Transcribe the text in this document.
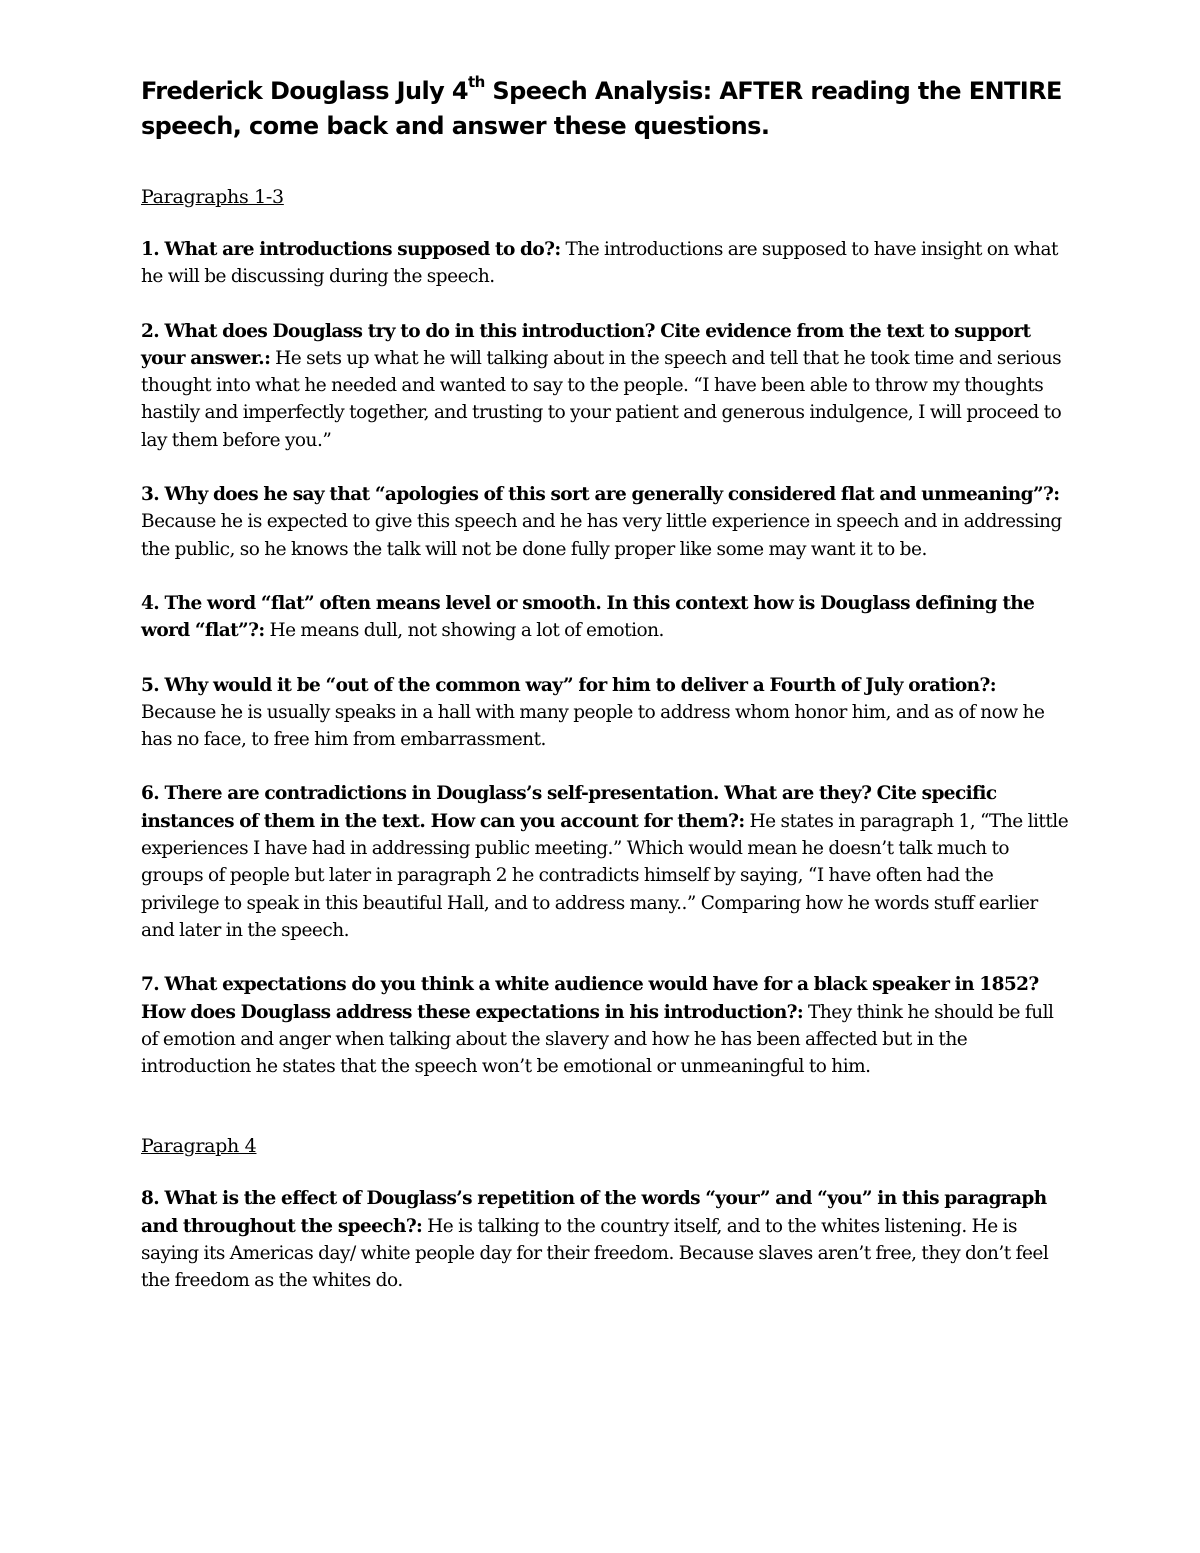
Frederick Douglass July 4th Speech Analysis: AFTER reading the ENTIRE speech, come back and answer these questions.
Paragraphs 1-3

1. What are introductions supposed to do?: The introductions are supposed to have insight on what he will be discussing during the speech.

2. What does Douglass try to do in this introduction? Cite evidence from the text to support your answer.: He sets up what he will talking about in the speech and tell that he took time and serious thought into what he needed and wanted to say to the people. “I have been able to throw my thoughts hastily and imperfectly together, and trusting to your patient and generous indulgence, I will proceed to lay them before you.”

3. Why does he say that “apologies of this sort are generally considered flat and unmeaning”?: Because he is expected to give this speech and he has very little experience in speech and in addressing the public, so he knows the talk will not be done fully proper like some may want it to be.

4. The word “flat” often means level or smooth. In this context how is Douglass defining the word “flat”?: He means dull, not showing a lot of emotion.

5. Why would it be “out of the common way” for him to deliver a Fourth of July oration?: Because he is usually speaks in a hall with many people to address whom honor him, and as of now he has no face, to free him from embarrassment.

6. There are contradictions in Douglass’s self-presentation. What are they? Cite specific instances of them in the text. How can you account for them?: He states in paragraph 1, “The little experiences I have had in addressing public meeting.” Which would mean he doesn’t talk much to groups of people but later in paragraph 2 he contradicts himself by saying, “I have often had the privilege to speak in this beautiful Hall, and to address many..” Comparing how he words stuff earlier and later in the speech.

7. What expectations do you think a white audience would have for a black speaker in 1852? How does Douglass address these expectations in his introduction?: They think he should be full of emotion and anger when talking about the slavery and how he has been affected but in the introduction he states that the speech won’t be emotional or unmeaningful to him.

Paragraph 4

8. What is the effect of Douglass’s repetition of the words “your” and “you” in this paragraph and throughout the speech?: He is talking to the country itself, and to the whites listening. He is saying its Americas day/ white people day for their freedom. Because slaves aren’t free, they don’t feel the freedom as the whites do.
